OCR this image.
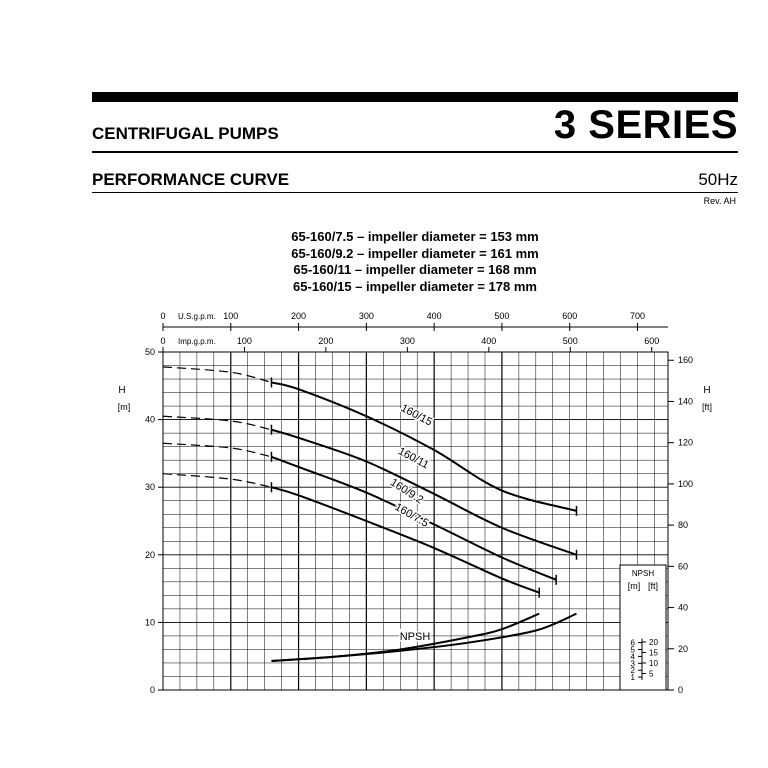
CENTRIFUGAL PUMPS	3 SERIES
PERFORMANCE CURVE	50Hz
Rev. AH
65-160/7.5 – impeller diameter = 153 mm
65-160/9.2 – impeller diameter = 161 mm
65-160/11 – impeller diameter = 168 mm
65-160/15 – impeller diameter = 178 mm
0	100	200	300	400	500	600	700
U.S.g.p.m.
0	100	200	300	400	500	600
Imp.g.p.m.
0
10
20
30
40
50
H
[m]
0
20
40
60
80
100
120
140
160
H
[ft]
160/15
160/11
160/9.2
160/7.5
NPSH
NPSH
[m] [ft]
1
2
3
4
5
6
5
10
15
20
